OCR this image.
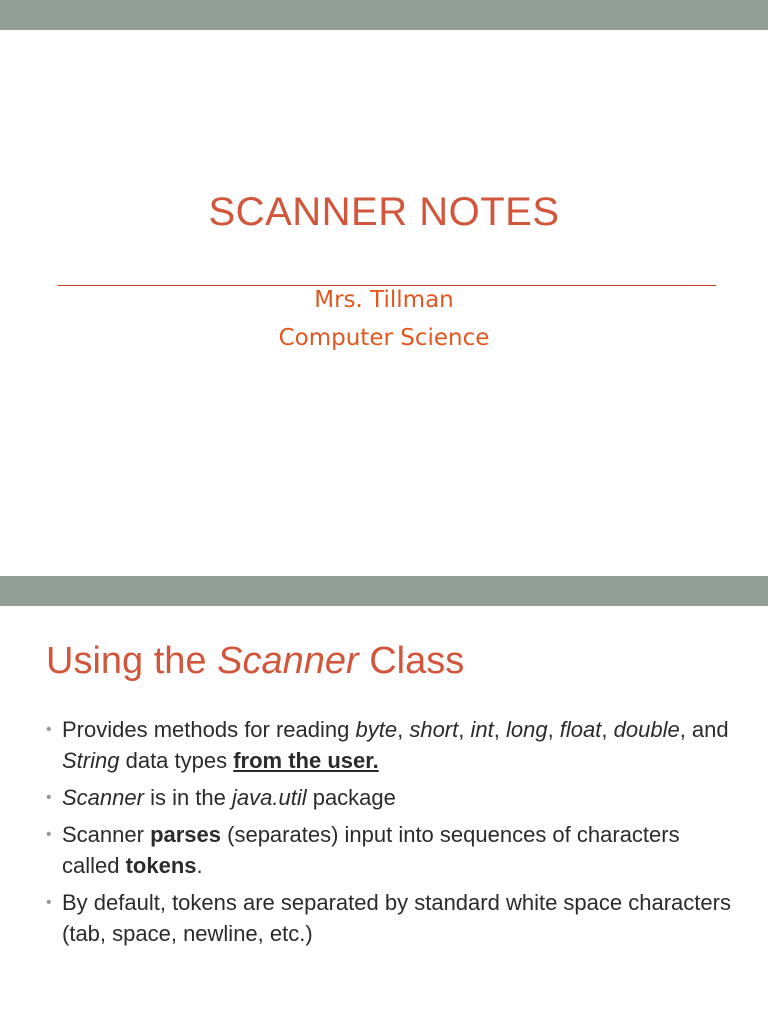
SCANNER NOTES
Mrs. Tillman
Computer Science
Using the Scanner Class
• Provides methods for reading byte, short, int, long, float, double, and String data types from the user.
• Scanner is in the java.util package
• Scanner parses (separates) input into sequences of characters called tokens.
• By default, tokens are separated by standard white space characters (tab, space, newline, etc.)
